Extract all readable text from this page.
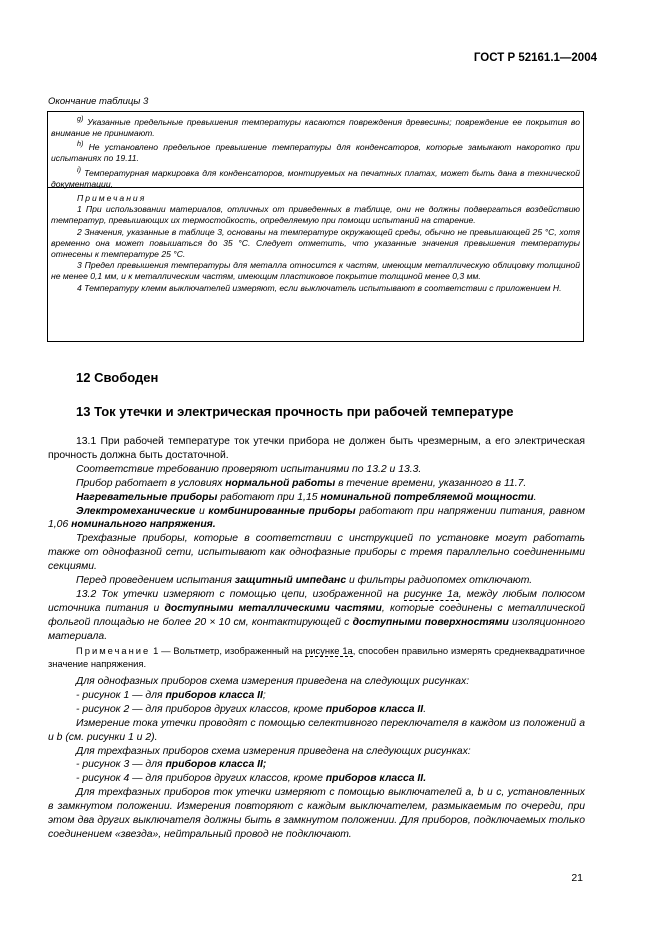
ГОСТ Р 52161.1—2004
Окончание таблицы 3

$^{g)}$ Указанные предельные превышения температуры касаются повреждения древесины; повреждение ее покрытия во внимание не принимают.

$^{h)}$ Не установлено предельное превышение температуры для конденсаторов, которые замыкают накоротко при испытаниях по 19.11.

$^{i)}$ Температурная маркировка для конденсаторов, монтируемых на печатных платах, может быть дана в технической документации.

Примечания

1 При использовании материалов, отличных от приведенных в таблице, они не должны подвергаться воздействию температур, превышающих их термостойкость, определяемую при помощи испытаний на старение.

2 Значения, указанные в таблице 3, основаны на температуре окружающей среды, обычно не превышающей 25 °С, хотя временно она может повышаться до 35 °С. Следует отметить, что указанные значения превышения температуры отнесены к температуре 25 °С.

3 Предел превышения температуры для металла относится к частям, имеющим металлическую облицовку толщиной не менее 0,1 мм, и к металлическим частям, имеющим пластиковое покрытие толщиной менее 0,3 мм.

4 Температуру клемм выключателей измеряют, если выключатель испытывают в соответствии с приложением Н.

12 Свободен
13 Ток утечки и электрическая прочность при рабочей температуре

13.1 При рабочей температуре ток утечки прибора не должен быть чрезмерным, а его электрическая прочность должна быть достаточной.

Соответствие требованию проверяют испытаниями по 13.2 и 13.3.

Прибор работает в условиях нормальной работы в течение времени, указанного в 11.7.

Нагревательные приборы работают при 1,15 номинальной потребляемой мощности.

Электромеханические и комбинированные приборы работают при напряжении питания, равном 1,06 номинального напряжения.

Трехфазные приборы, которые в соответствии с инструкцией по установке могут работать также от однофазной сети, испытывают как однофазные приборы с тремя параллельно соединенными секциями.

Перед проведением испытания защитный импеданс и фильтры радиопомех отключают.

13.2 Ток утечки измеряют с помощью цепи, изображенной на рисунке 1а, между любым полюсом источника питания и доступными металлическими частями, которые соединены с металлической фольгой площадью не более 20 × 10 см, контактирующей с доступными поверхностями изоляционного материала.

Примечание 1 — Вольтметр, изображенный на рисунке 1а, способен правильно измерять среднеквадратичное значение напряжения.

Для однофазных приборов схема измерения приведена на следующих рисунках:

- рисунок 1 — для приборов класса II;

- рисунок 2 — для приборов других классов, кроме приборов класса II.

Измерение тока утечки проводят с помощью селективного переключателя в каждом из положений а и b (см. рисунки 1 и 2).

Для трехфазных приборов схема измерения приведена на следующих рисунках:

- рисунок 3 — для приборов класса II;

- рисунок 4 — для приборов других классов, кроме приборов класса II.

Для трехфазных приборов ток утечки измеряют с помощью выключателей а, b и с, установленных в замкнутом положении. Измерения повторяют с каждым выключателем, размыкаемым по очереди, при этом два других выключателя должны быть в замкнутом положении. Для приборов, подключаемых только соединением «звезда», нейтральный провод не подключают.

21
